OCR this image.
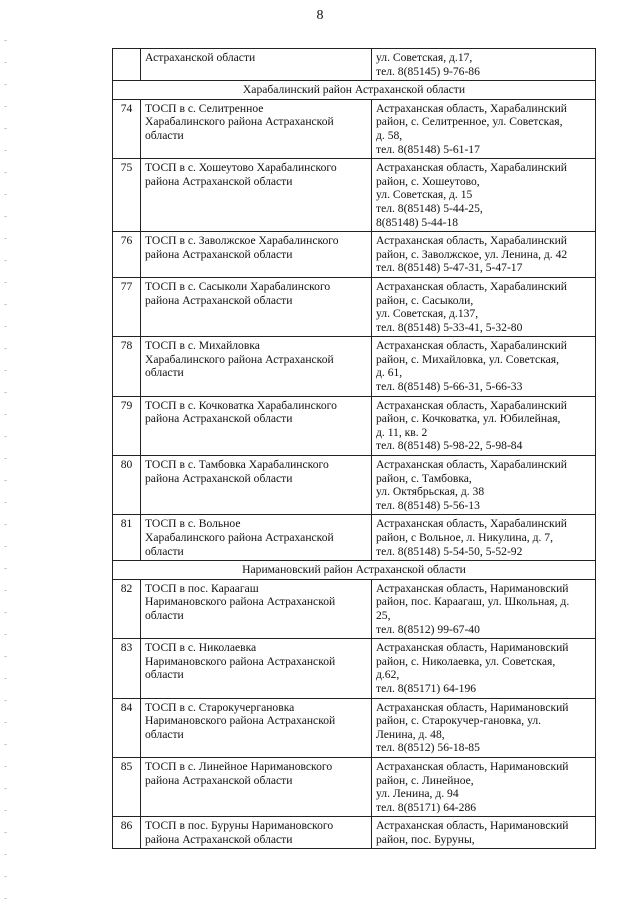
8

	Астраханской области	ул. Советская, д.17,
тел. 8(85145) 9-76-86

Харабалинский район Астраханской области		
74	ТОСП в с. Селитренное
Харабалинского района Астраханской
области	Астраханская область, Харабалинский
район, с. Селитренное, ул. Советская,
д. 58,
тел. 8(85148) 5-61-17

75	ТОСП в с. Хошеутово Харабалинского
района Астраханской области	Астраханская область, Харабалинский
район, с. Хошеутово,
ул. Советская, д. 15
тел. 8(85148) 5-44-25,
8(85148) 5-44-18

76	ТОСП в с. Заволжское Харабалинского
района Астраханской области	Астраханская область, Харабалинский
район, с. Заволжское, ул. Ленина, д. 42
тел. 8(85148) 5-47-31, 5-47-17

77	ТОСП в с. Сасыколи Харабалинского
района Астраханской области	Астраханская область, Харабалинский
район, с. Сасыколи,
ул. Советская, д.137,
тел. 8(85148) 5-33-41, 5-32-80

78	ТОСП в с. Михайловка
Харабалинского района Астраханской
области	Астраханская область, Харабалинский
район, с. Михайловка, ул. Советская,
д. 61,
тел. 8(85148) 5-66-31, 5-66-33

79	ТОСП в с. Кочковатка Харабалинского
района Астраханской области	Астраханская область, Харабалинский
район, с. Кочковатка, ул. Юбилейная,
д. 11, кв. 2
тел. 8(85148) 5-98-22, 5-98-84

80	ТОСП в с. Тамбовка Харабалинского
района Астраханской области	Астраханская область, Харабалинский
район, с. Тамбовка,
ул. Октябрьская, д. 38
тел. 8(85148) 5-56-13

81	ТОСП в с. Вольное
Харабалинского района Астраханской
области	Астраханская область, Харабалинский
район, с Вольное, л. Никулина, д. 7,
тел. 8(85148) 5-54-50, 5-52-92

Наримановский район Астраханской области		
82	ТОСП в пос. Караагаш
Наримановского района Астраханской
области	Астраханская область, Наримановский
район, пос. Караагаш, ул. Школьная, д.
25,
тел. 8(8512) 99-67-40

83	ТОСП в с. Николаевка
Наримановского района Астраханской
области	Астраханская область, Наримановский
район, с. Николаевка, ул. Советская,
д.62,
тел. 8(85171) 64-196

84	ТОСП в с. Старокучергановка
Наримановского района Астраханской
области	Астраханская область, Наримановский
район, с. Старокучер-гановка, ул.
Ленина, д. 48,
тел. 8(8512) 56-18-85

85	ТОСП в с. Линейное Наримановского
района Астраханской области	Астраханская область, Наримановский
район, с. Линейное,
ул. Ленина, д. 94
тел. 8(85171) 64-286

86	ТОСП в пос. Буруны Наримановского
района Астраханской области	Астраханская область, Наримановский
район, пос. Буруны,
